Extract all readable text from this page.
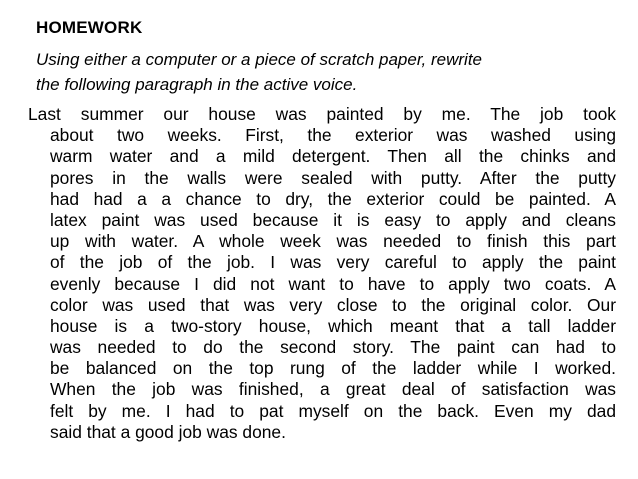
HOMEWORK
Using either a computer or a piece of scratch paper, rewrite
the following paragraph in the active voice.
Last summer our house was painted by me. The job took
about two weeks. First, the exterior was washed using
warm water and a mild detergent. Then all the chinks and
pores in the walls were sealed with putty. After the putty
had had a a chance to dry, the exterior could be painted. A
latex paint was used because it is easy to apply and cleans
up with water. A whole week was needed to finish this part
of the job of the job. I was very careful to apply the paint
evenly because I did not want to have to apply two coats. A
color was used that was very close to the original color. Our
house is a two-story house, which meant that a tall ladder
was needed to do the second story. The paint can had to
be balanced on the top rung of the ladder while I worked.
When the job was finished, a great deal of satisfaction was
felt by me. I had to pat myself on the back. Even my dad
said that a good job was done.
